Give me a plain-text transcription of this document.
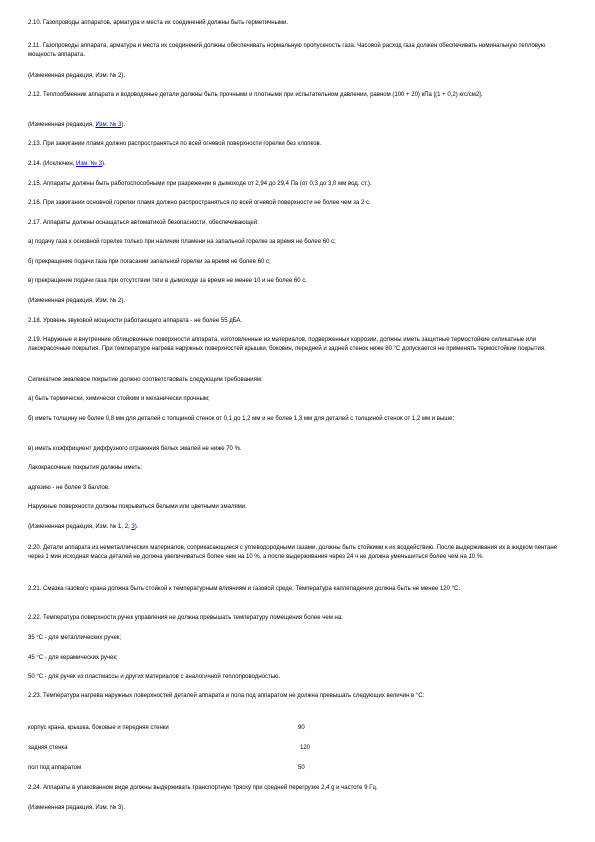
2.10. Газопроводы аппаратов, арматура и места их соединений должны быть герметичными.

2.11. Газопроводы аппарата, арматура и места их соединений должны обеспечивать нормальную пропускность газа. Часовой расход газа должен обеспечивать номинальную тепловую мощность аппарата.

(Измененная редакция, Изм. № 2).

2.12. Теплообменник аппарата и водоводяные детали должны быть прочными и плотными при испытательном давлении, равном (100 + 20) кПа [(1 + 0,2) кгс/см2].

(Измененная редакция, Изм. № 3).

2.13. При зажигании пламя должно распространяться по всей огневой поверхности горелки без хлопков.

2.14. (Исключен, Изм. № 3).

2.15. Аппараты должны быть работоспособными при разрежении в дымоходе от 2,94 до 29,4 Па (от 0,3 до 3,0 мм вод. ст.).

2.16. При зажигании основной горелки пламя должно распространяться по всей огневой поверхности не более чем за 2 с.

2.17. Аппараты должны оснащаться автоматикой безопасности, обеспечивающей:

а) подачу газа к основной горелке только при наличии пламени на запальной горелке за время не более 60 с;

б) прекращение подачи газа при погасании запальной горелки за время не более 60 с;

в) прекращение подачи газа при отсутствии тяги в дымоходе за время не менее 10 и не более 60 с.

(Измененная редакция, Изм. № 2).

2.18. Уровень звуковой мощности работающего аппарата - не более 55 дБА.

2.19. Наружные и внутренние облицовочные поверхности аппарата, изготовленные из материалов, подверженных коррозии, должны иметь защитные термостойкие силикатные или лакокрасочные покрытия. При температуре нагрева наружных поверхностей крышки, боковин, передней и задней стенок ниже 80 °С допускается не применять термостойкие покрытия.

Силикатное эмалевое покрытие должно соответствовать следующим требованиям:

а) быть термически, химически стойким и механически прочным;

б) иметь толщину не более 0,8 мм для деталей с толщиной стенок от 0,1 до 1,2 мм и не более 1,3 мм для деталей с толщиной стенок от 1,2 мм и выше;

в) иметь коэффициент диффузного отражения белых эмалей не ниже 70 %.

Лакокрасочные покрытия должны иметь:

адгезию - не более 3 баллов.

Наружные поверхности должны покрываться белыми или цветными эмалями.

(Измененная редакция, Изм. № 1, 2, 3).

2.20. Детали аппарата из неметаллических материалов, соприкасающиеся с углеводородными газами, должны быть стойкими к их воздействию. После выдерживания их в жидком пентане через 1 мин исходная масса деталей не должна увеличиваться более чем на 10 %, а после выдерживания через 24 ч не должна уменьшиться более чем на 10 %.

2.21. Смазка газового крана должна быть стойкой к температурным влияниям и газовой среде. Температура каплепадения должна быть не менее 120 °С.

2.22. Температура поверхности ручек управления не должна превышать температуру помещения более чем на:

35 °С - для металлических ручек;

45 °С - для керамических ручек;

50 °С - для ручек из пластмассы и других материалов с аналогичной теплопроводностью.

2.23. Температура нагрева наружных поверхностей деталей аппарата и пола под аппаратом не должна превышать следующих величин в °С:

корпус крана, крышка, боковые и передняя стенки	90
задняя стенка	120
пол под аппаратом	50

2.24. Аппараты в упакованном виде должны выдерживать транспортную тряску при средней перегрузке 2,4 g и частоте 9 Гц.

(Измененная редакция, Изм. № 3).
